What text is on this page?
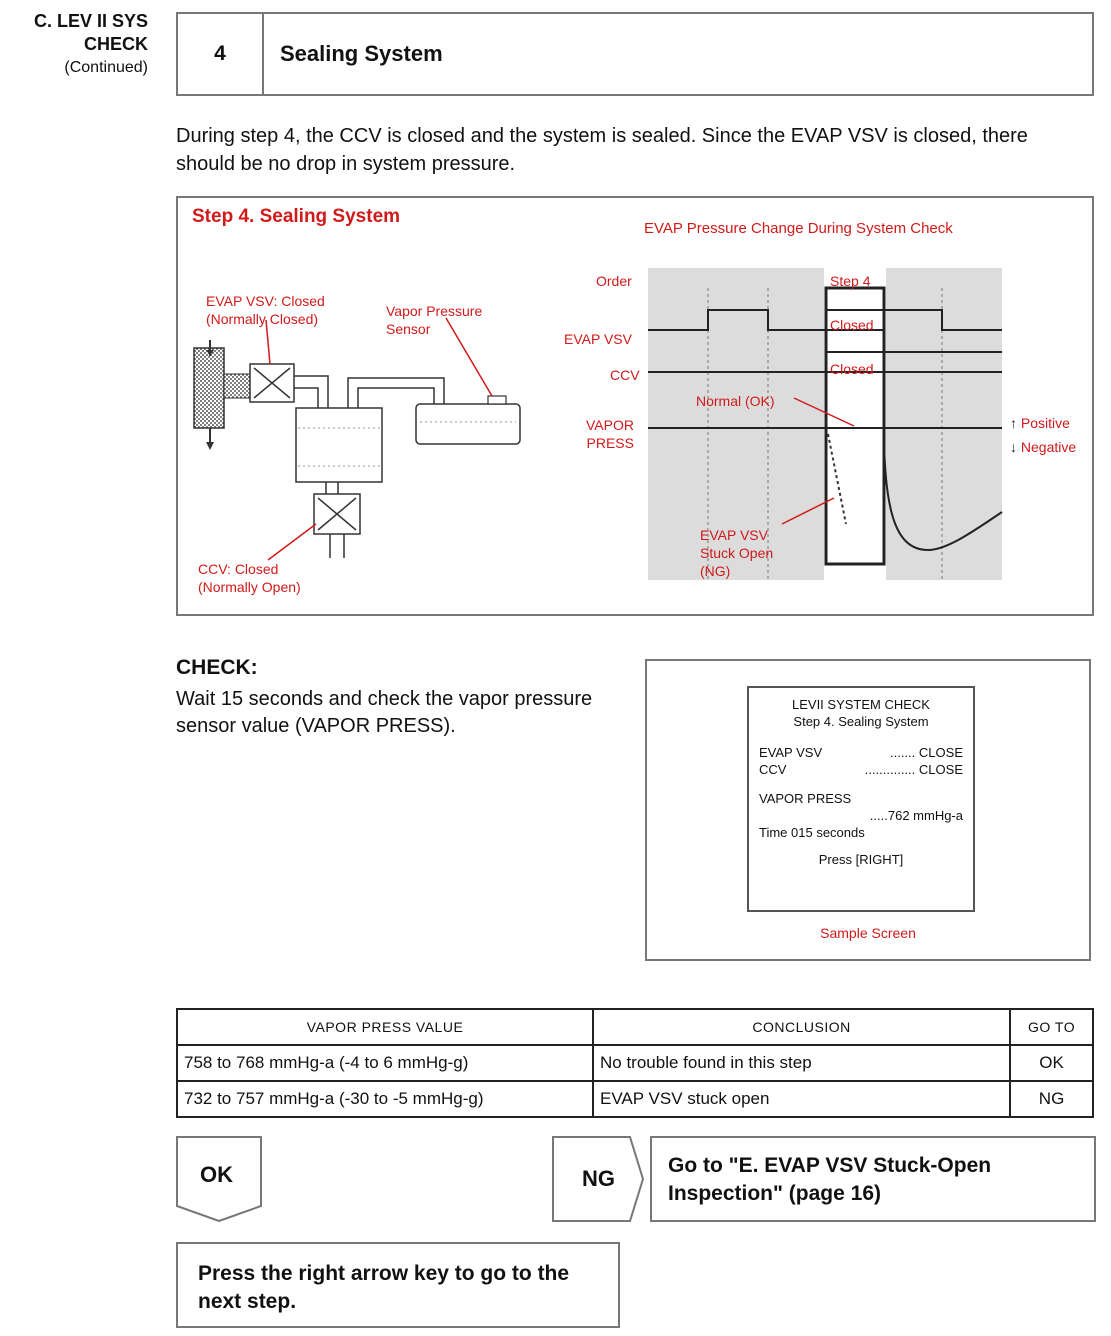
C. LEV II SYS
CHECK
(Continued)
4	Sealing System
During step 4, the CCV is closed and the system is sealed. Since the EVAP VSV is closed, there should be no drop in system pressure.
Step 4. Sealing System
EVAP VSV: Closed
(Normally Closed)	Vapor Pressure
Sensor
CCV: Closed
(Normally Open)
EVAP Pressure Change During System Check
Order
EVAP VSV
CCV
VAPOR
PRESS
Step 4
Closed
Closed
Normal (OK)
EVAP VSV
Stuck Open
(NG)
↑ Positive
↓ Negative
CHECK:
Wait 15 seconds and check the vapor pressure sensor value (VAPOR PRESS).
LEVII SYSTEM CHECK
Step 4. Sealing System
EVAP VSV	....... CLOSE
CCV	.............. CLOSE
VAPOR PRESS
.....762 mmHg-a
Time 015 seconds
Press [RIGHT]
Sample Screen
VAPOR PRESS VALUE	CONCLUSION	GO TO
758 to 768 mmHg-a (-4 to 6 mmHg-g)	No trouble found in this step	OK
732 to 757 mmHg-a (-30 to -5 mmHg-g)	EVAP VSV stuck open	NG
OK	NG
Go to "E. EVAP VSV Stuck-Open Inspection" (page 16)
Press the right arrow key to go to the next step.
